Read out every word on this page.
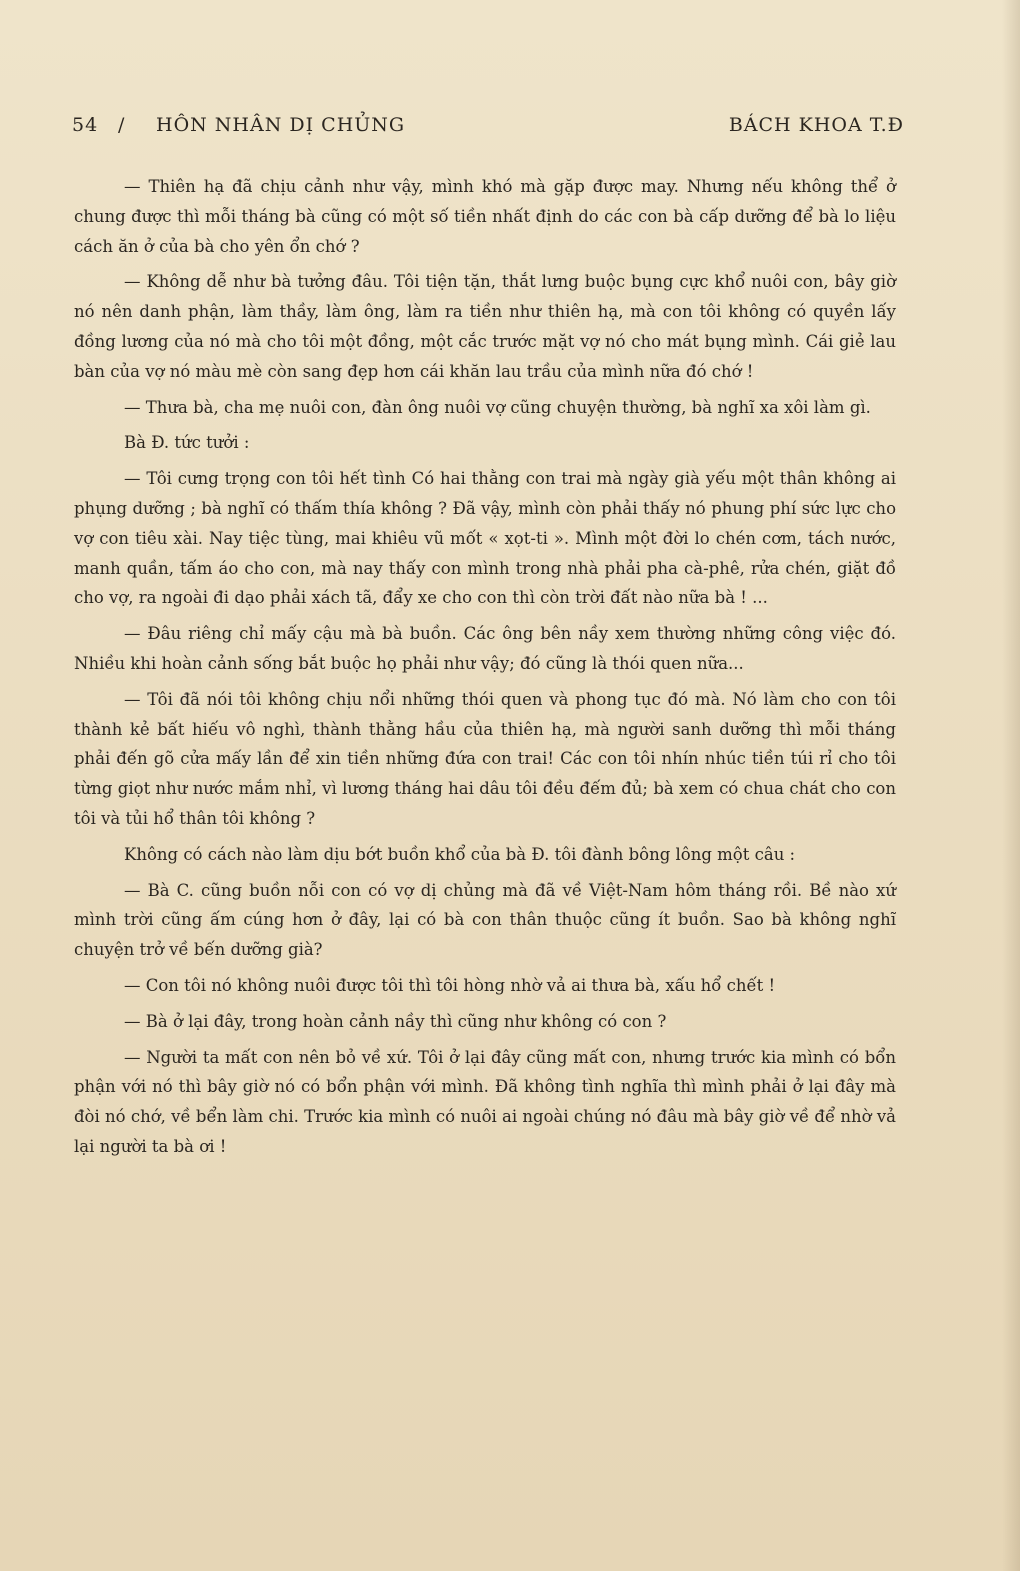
54 / HÔN NHÂN DỊ CHỦNG	BÁCH KHOA T.Đ

— Thiên hạ đã chịu cảnh như vậy, mình khó mà gặp được may. Nhưng nếu không thể ở chung được thì mỗi tháng bà cũng có một số tiền nhất định do các con bà cấp dưỡng để bà lo liệu cách ăn ở của bà cho yên ổn chớ ?

— Không dễ như bà tưởng đâu. Tôi tiện tặn, thắt lưng buộc bụng cực khổ nuôi con, bây giờ nó nên danh phận, làm thầy, làm ông, làm ra tiền như thiên hạ, mà con tôi không có quyền lấy đồng lương của nó mà cho tôi một đồng, một cắc trước mặt vợ nó cho mát bụng mình. Cái giẻ lau bàn của vợ nó màu mè còn sang đẹp hơn cái khăn lau trầu của mình nữa đó chớ !

— Thưa bà, cha mẹ nuôi con, đàn ông nuôi vợ cũng chuyện thường, bà nghĩ xa xôi làm gì.

Bà Đ. tức tưởi :

— Tôi cưng trọng con tôi hết tình Có hai thằng con trai mà ngày già yếu một thân không ai phụng dưỡng ; bà nghĩ có thấm thía không ? Đã vậy, mình còn phải thấy nó phung phí sức lực cho vợ con tiêu xài. Nay tiệc tùng, mai khiêu vũ mốt « xọt-ti ». Mình một đời lo chén cơm, tách nước, manh quần, tấm áo cho con, mà nay thấy con mình trong nhà phải pha cà-phê, rửa chén, giặt đồ cho vợ, ra ngoài đi dạo phải xách tã, đẩy xe cho con thì còn trời đất nào nữa bà ! ...

— Đâu riêng chỉ mấy cậu mà bà buồn. Các ông bên nầy xem thường những công việc đó. Nhiều khi hoàn cảnh sống bắt buộc họ phải như vậy; đó cũng là thói quen nữa...

— Tôi đã nói tôi không chịu nổi những thói quen và phong tục đó mà. Nó làm cho con tôi thành kẻ bất hiếu vô nghì, thành thằng hầu của thiên hạ, mà người sanh dưỡng thì mỗi tháng phải đến gõ cửa mấy lần để xin tiền những đứa con trai! Các con tôi nhín nhúc tiền túi rỉ cho tôi từng giọt như nước mắm nhỉ, vì lương tháng hai dâu tôi đều đếm đủ; bà xem có chua chát cho con tôi và tủi hổ thân tôi không ?

Không có cách nào làm dịu bớt buồn khổ của bà Đ. tôi đành bông lông một câu :

— Bà C. cũng buồn nỗi con có vợ dị chủng mà đã về Việt-Nam hôm tháng rồi. Bề nào xứ mình trời cũng ấm cúng hơn ở đây, lại có bà con thân thuộc cũng ít buồn. Sao bà không nghĩ chuyện trở về bến dưỡng già?

— Con tôi nó không nuôi được tôi thì tôi hòng nhờ vả ai thưa bà, xấu hổ chết !

— Bà ở lại đây, trong hoàn cảnh nầy thì cũng như không có con ?

— Người ta mất con nên bỏ về xứ. Tôi ở lại đây cũng mất con, nhưng trước kia mình có bổn phận với nó thì bây giờ nó có bổn phận với mình. Đã không tình nghĩa thì mình phải ở lại đây mà đòi nó chớ, về bển làm chi. Trước kia mình có nuôi ai ngoài chúng nó đâu mà bây giờ về để nhờ vả lại người ta bà ơi !
